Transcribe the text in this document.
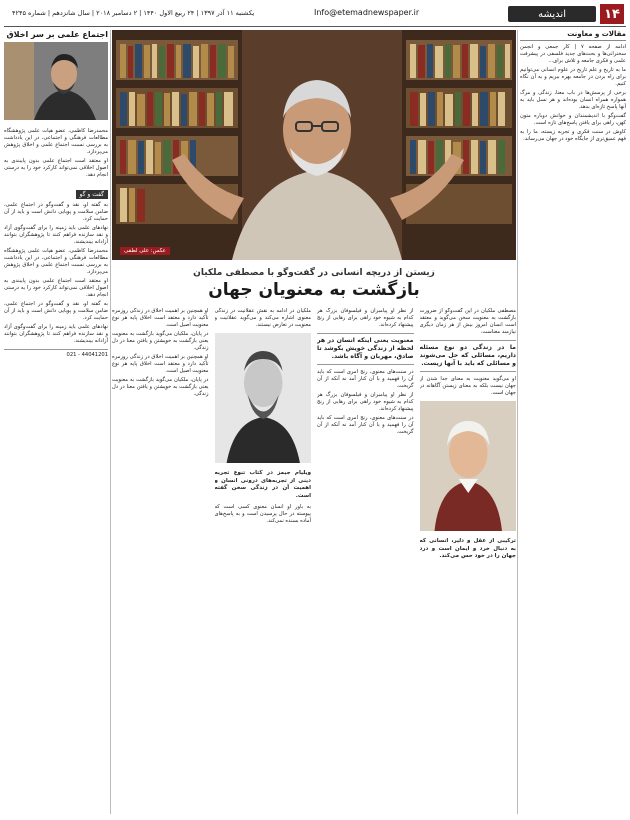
۱۴
اندیشه
Info@etemadnewspaper.ir
یکشنبه ۱۱ آذر ۱۳۹۷ | ۲۴ ربیع الاول ۱۴۴۰ | ۲ دسامبر ۲۰۱۸ | سال شانزدهم | شماره ۴۲۴۵
مقالات و معاونت

ادامه از صفحه ۷ | کار جمعی و انجمن سخنرانی‌ها و بحث‌های جدید فلسفی در پیشرفت علمی و فکری جامعه و تلاش برای...

ما به تاریخ و علم تاریخ در علوم انسانی می‌توانیم برای راه بردن در جامعه بهره ببریم و به آن نگاه کنیم.

برخی از پرسش‌ها در باب معنا، زندگی و مرگ همواره همراه انسان بوده‌اند و هر نسل باید به آنها پاسخ تازه‌ای بدهد.

گفت‌وگو با اندیشمندان و خوانش دوباره متون کهن، راهی برای یافتن پاسخ‌های تازه است.

کاوش در سنت فکری و تجربه زیسته، ما را به فهم عمیق‌تری از جایگاه خود در جهان می‌رساند.

عکس: علی لطفی
زیستن از دریچه انسانی در گفت‌وگو با مصطفی ملکیان
بازگشت به معنویان جهان

مصطفی ملکیان در این گفت‌وگو از ضرورت بازگشت به معنویت سخن می‌گوید و معتقد است انسان امروز بیش از هر زمان دیگری نیازمند معناست.

ما در زندگی دو نوع مسئله داریم، مسائلی که حل می‌شوند و مسائلی که باید با آنها زیست.

او می‌گوید معنویت به معنای جدا شدن از جهان نیست بلکه به معنای زیستن آگاهانه در جهان است.

ترکیبی از عقل و دلیر، انسانی که به دنبال خرد و ایمان است و درد جهان را در خود حس می‌کند.

از نظر او پیامبران و فیلسوفان بزرگ هر کدام به شیوه خود راهی برای رهایی از رنج پیشنهاد کرده‌اند.

معنویت یعنی اینکه انسان در هر لحظه از زندگی خویش بکوشد تا صادق، مهربان و آگاه باشد.

در سنت‌های معنوی، رنج امری است که باید آن را فهمید و با آن کنار آمد نه آنکه از آن گریخت.

از نظر او پیامبران و فیلسوفان بزرگ هر کدام به شیوه خود راهی برای رهایی از رنج پیشنهاد کرده‌اند.

در سنت‌های معنوی، رنج امری است که باید آن را فهمید و با آن کنار آمد نه آنکه از آن گریخت.

ملکیان در ادامه به نقش عقلانیت در زندگی معنوی اشاره می‌کند و می‌گوید عقلانیت و معنویت در تعارض نیستند.

ویلیام جیمز در کتاب تنوع تجربه دینی از تجربه‌های درونی انسان و اهمیت آن در زندگی سخن گفته است.

به باور او انسان معنوی کسی است که پیوسته در حال پرسیدن است و به پاسخ‌های آماده بسنده نمی‌کند.

او همچنین بر اهمیت اخلاق در زندگی روزمره تأکید دارد و معتقد است اخلاق پایه هر نوع معنویت اصیل است.

در پایان، ملکیان می‌گوید بازگشت به معنویت یعنی بازگشت به خویشتن و یافتن معنا در دل زندگی.

او همچنین بر اهمیت اخلاق در زندگی روزمره تأکید دارد و معتقد است اخلاق پایه هر نوع معنویت اصیل است.

در پایان، ملکیان می‌گوید بازگشت به معنویت یعنی بازگشت به خویشتن و یافتن معنا در دل زندگی.

اجتماع علمی بر سر اخلاق

محمدرضا کاظمی، عضو هیات علمی پژوهشگاه مطالعات فرهنگی و اجتماعی، در این یادداشت به بررسی نسبت اجتماع علمی و اخلاق پژوهش می‌پردازد.

او معتقد است اجتماع علمی بدون پایبندی به اصول اخلاقی نمی‌تواند کارکرد خود را به درستی انجام دهد.

گفت و گو

به گفته او، نقد و گفت‌وگو در اجتماع علمی، ضامن سلامت و پویایی دانش است و باید از آن حمایت کرد.

نهادهای علمی باید زمینه را برای گفت‌وگوی آزاد و نقد سازنده فراهم کنند تا پژوهشگران بتوانند آزادانه بیندیشند.

محمدرضا کاظمی، عضو هیات علمی پژوهشگاه مطالعات فرهنگی و اجتماعی، در این یادداشت به بررسی نسبت اجتماع علمی و اخلاق پژوهش می‌پردازد.

او معتقد است اجتماع علمی بدون پایبندی به اصول اخلاقی نمی‌تواند کارکرد خود را به درستی انجام دهد.

به گفته او، نقد و گفت‌وگو در اجتماع علمی، ضامن سلامت و پویایی دانش است و باید از آن حمایت کرد.

نهادهای علمی باید زمینه را برای گفت‌وگوی آزاد و نقد سازنده فراهم کنند تا پژوهشگران بتوانند آزادانه بیندیشند.

021 - 44041201
